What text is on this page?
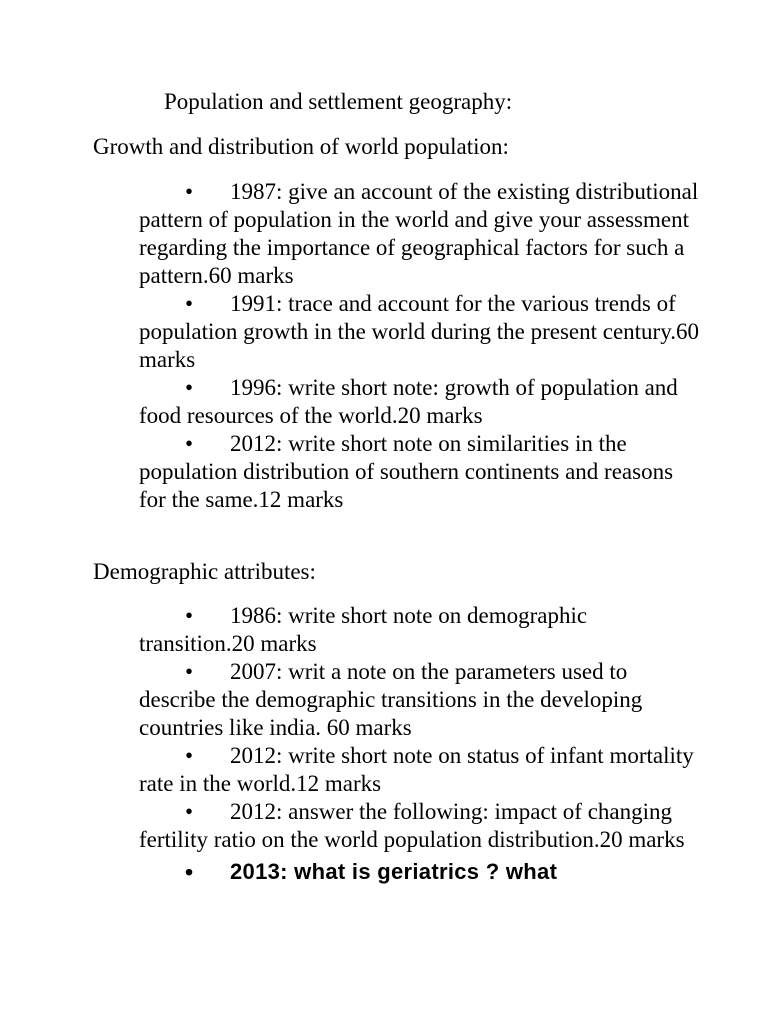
Population and settlement geography:
Growth and distribution of world population:
• 1987: give an account of the existing distributional pattern of population in the world and give your assessment regarding the importance of geographical factors for such a pattern.60 marks
• 1991: trace and account for the various trends of population growth in the world during the present century.60 marks
• 1996: write short note: growth of population and food resources of the world.20 marks
• 2012: write short note on similarities in the population distribution of southern continents and reasons for the same.12 marks
Demographic attributes:
• 1986: write short note on demographic transition.20 marks
• 2007: writ a note on the parameters used to describe the demographic transitions in the developing countries like india. 60 marks
• 2012: write short note on status of infant mortality rate in the world.12 marks
• 2012: answer the following: impact of changing fertility ratio on the world population distribution.20 marks
• 2013: what is geriatrics ? what
